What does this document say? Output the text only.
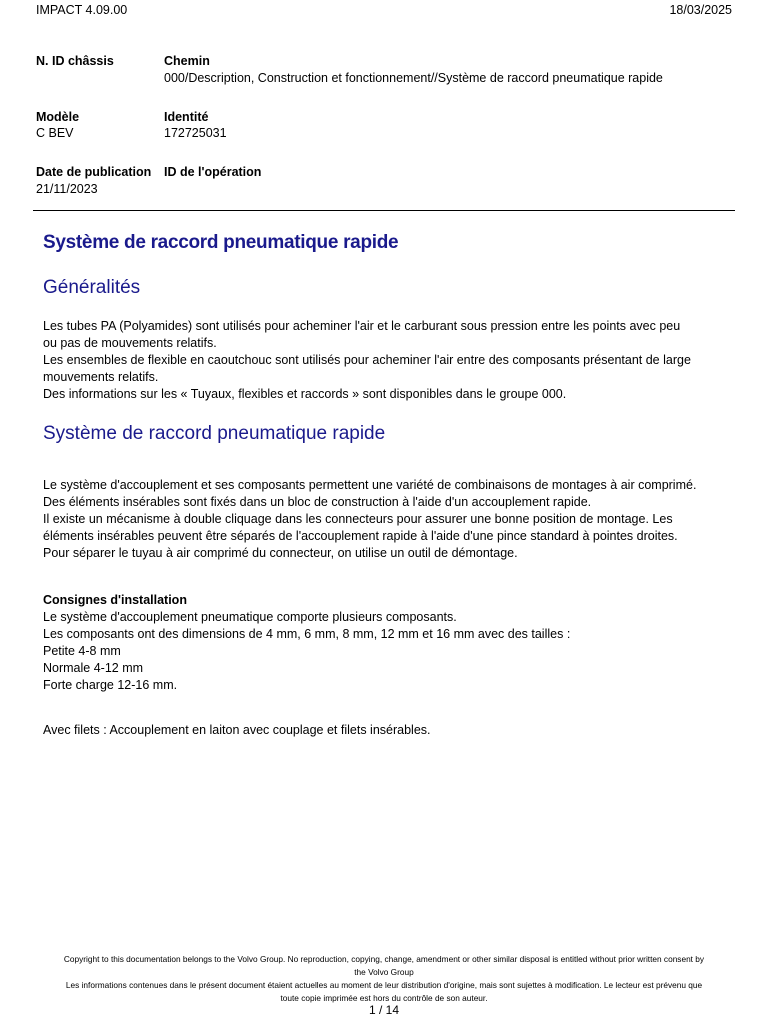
IMPACT 4.09.00	18/03/2025
N. ID châssis	Chemin
000/Description, Construction et fonctionnement//Système de raccord pneumatique rapide
Modèle
C BEV
Identité
172725031
Date de publication
21/11/2023
ID de l'opération
Système de raccord pneumatique rapide
Généralités
Les tubes PA (Polyamides) sont utilisés pour acheminer l'air et le carburant sous pression entre les points avec peu
ou pas de mouvements relatifs.
Les ensembles de flexible en caoutchouc sont utilisés pour acheminer l'air entre des composants présentant de large
mouvements relatifs.
Des informations sur les « Tuyaux, flexibles et raccords » sont disponibles dans le groupe 000.
Système de raccord pneumatique rapide
Le système d'accouplement et ses composants permettent une variété de combinaisons de montages à air comprimé.
Des éléments insérables sont fixés dans un bloc de construction à l'aide d'un accouplement rapide.
Il existe un mécanisme à double cliquage dans les connecteurs pour assurer une bonne position de montage. Les
éléments insérables peuvent être séparés de l'accouplement rapide à l'aide d'une pince standard à pointes droites.
Pour séparer le tuyau à air comprimé du connecteur, on utilise un outil de démontage.
Consignes d'installation
Le système d'accouplement pneumatique comporte plusieurs composants.
Les composants ont des dimensions de 4 mm, 6 mm, 8 mm, 12 mm et 16 mm avec des tailles :
Petite 4-8 mm
Normale 4-12 mm
Forte charge 12-16 mm.
Avec filets : Accouplement en laiton avec couplage et filets insérables.
Copyright to this documentation belongs to the Volvo Group. No reproduction, copying, change, amendment or other similar disposal is entitled without prior written consent by
the Volvo Group
Les informations contenues dans le présent document étaient actuelles au moment de leur distribution d'origine, mais sont sujettes à modification. Le lecteur est prévenu que
toute copie imprimée est hors du contrôle de son auteur.
1 / 14
